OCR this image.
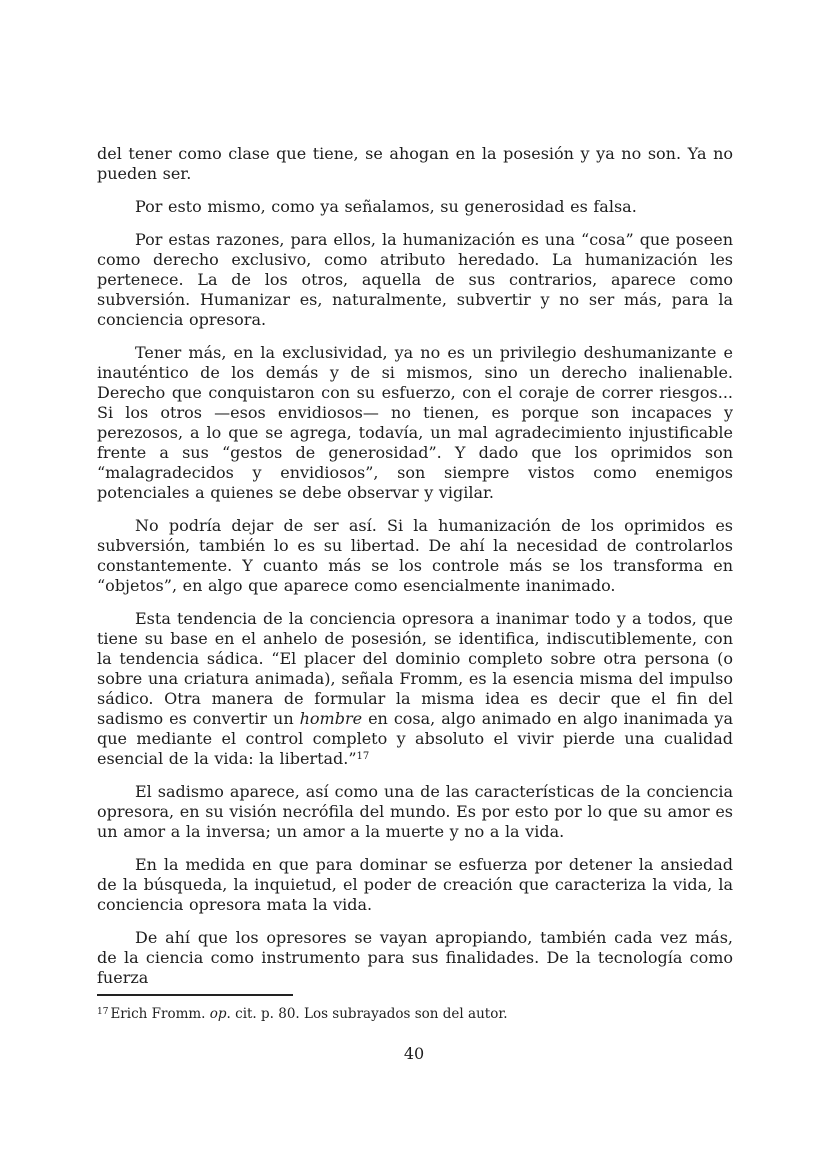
del tener como clase que tiene, se ahogan en la posesión y ya no son. Ya no pueden ser.

Por esto mismo, como ya señalamos, su generosidad es falsa.

Por estas razones, para ellos, la humanización es una “cosa” que poseen como derecho exclusivo, como atributo heredado. La humanización les pertenece. La de los otros, aquella de sus contrarios, aparece como subversión. Humanizar es, naturalmente, subvertir y no ser más, para la conciencia opresora.

Tener más, en la exclusividad, ya no es un privilegio deshumanizante e inauténtico de los demás y de si mismos, sino un derecho inalienable. Derecho que conquistaron con su esfuerzo, con el coraje de correr riesgos... Si los otros —esos envidiosos— no tienen, es porque son incapaces y perezosos, a lo que se agrega, todavía, un mal agradecimiento injustificable frente a sus “gestos de generosidad”. Y dado que los oprimidos son “malagradecidos y envidiosos”, son siempre vistos como enemigos potenciales a quienes se debe observar y vigilar.

No podría dejar de ser así. Si la humanización de los oprimidos es subversión, también lo es su libertad. De ahí la necesidad de controlarlos constantemente. Y cuanto más se los controle más se los transforma en “objetos”, en algo que aparece como esencialmente inanimado.

Esta tendencia de la conciencia opresora a inanimar todo y a todos, que tiene su base en el anhelo de posesión, se identifica, indiscutiblemente, con la tendencia sádica. “El placer del dominio completo sobre otra persona (o sobre una criatura animada), señala Fromm, es la esencia misma del impulso sádico. Otra manera de formular la misma idea es decir que el fin del sadismo es convertir un hombre en cosa, algo animado en algo inanimada ya que mediante el control completo y absoluto el vivir pierde una cualidad esencial de la vida: la libertad.”$^{17}$

El sadismo aparece, así como una de las características de la conciencia opresora, en su visión necrófila del mundo. Es por esto por lo que su amor es un amor a la inversa; un amor a la muerte y no a la vida.

En la medida en que para dominar se esfuerza por detener la ansiedad de la búsqueda, la inquietud, el poder de creación que caracteriza la vida, la conciencia opresora mata la vida.

De ahí que los opresores se vayan apropiando, también cada vez más, de la ciencia como instrumento para sus finalidades. De la tecnología como fuerza

$^{17}$ Erich Fromm. op. cit. p. 80. Los subrayados son del autor.

40
